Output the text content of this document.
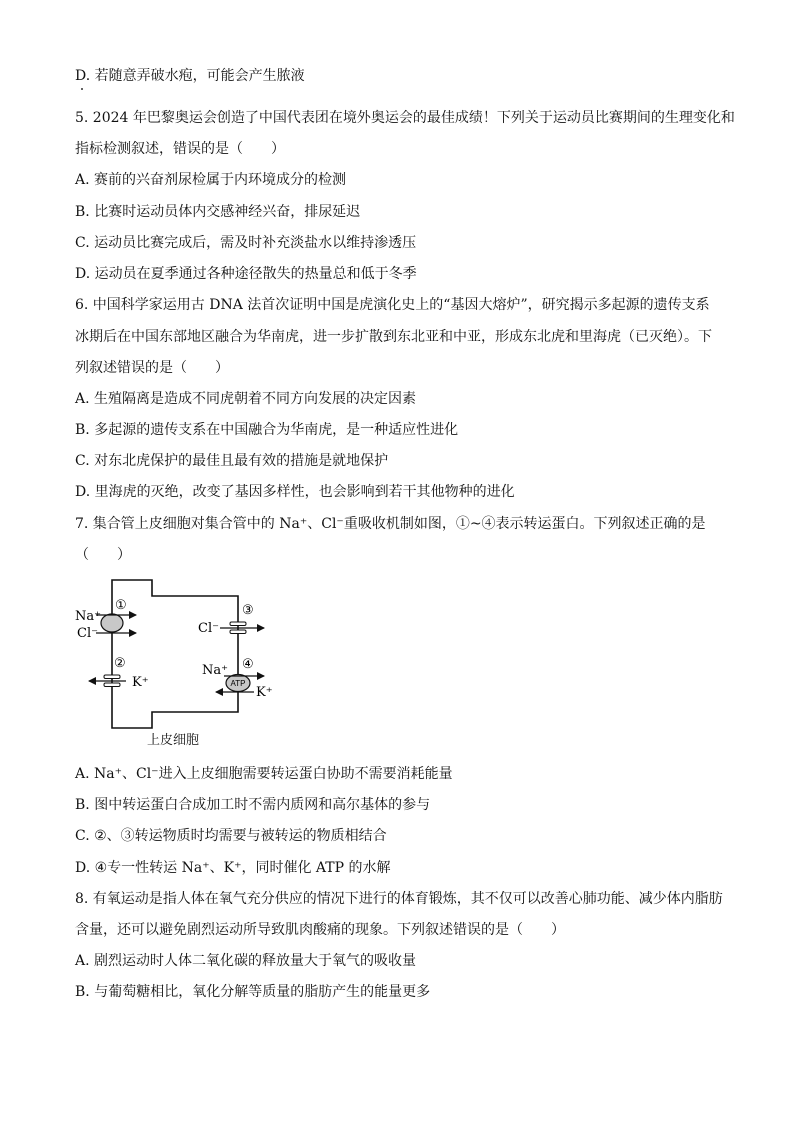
D. 若随意弄破水疱，可能会产生脓液
5. 2024 年巴黎奥运会创造了中国代表团在境外奥运会的最佳成绩！下列关于运动员比赛期间的生理变化和
指标检测叙述，错误的是（　　）
A. 赛前的兴奋剂尿检属于内环境成分的检测
B. 比赛时运动员体内交感神经兴奋，排尿延迟
C. 运动员比赛完成后，需及时补充淡盐水以维持渗透压
D. 运动员在夏季通过各种途径散失的热量总和低于冬季
6. 中国科学家运用古 DNA 法首次证明中国是虎演化史上的“基因大熔炉”，研究揭示多起源的遗传支系
冰期后在中国东部地区融合为华南虎，进一步扩散到东北亚和中亚，形成东北虎和里海虎（已灭绝）。下
列叙述错误的是（　　）
A. 生殖隔离是造成不同虎朝着不同方向发展的决定因素
B. 多起源的遗传支系在中国融合为华南虎，是一种适应性进化
C. 对东北虎保护的最佳且最有效的措施是就地保护
D. 里海虎的灭绝，改变了基因多样性，也会影响到若干其他物种的进化
7. 集合管上皮细胞对集合管中的 Na⁺、Cl⁻重吸收机制如图，①~④表示转运蛋白。下列叙述正确的是
（　　）
Na⁺
Cl⁻
①
K⁺
②
Cl⁻
③
ATP
Na⁺
K⁺
④
上皮细胞
A. Na⁺、Cl⁻进入上皮细胞需要转运蛋白协助不需要消耗能量
B. 图中转运蛋白合成加工时不需内质网和高尔基体的参与
C. ②、③转运物质时均需要与被转运的物质相结合
D. ④专一性转运 Na⁺、K⁺，同时催化 ATP 的水解
8. 有氧运动是指人体在氧气充分供应的情况下进行的体育锻炼，其不仅可以改善心肺功能、减少体内脂肪
含量，还可以避免剧烈运动所导致肌肉酸痛的现象。下列叙述错误的是（　　）
A. 剧烈运动时人体二氧化碳的释放量大于氧气的吸收量
B. 与葡萄糖相比，氧化分解等质量的脂肪产生的能量更多
